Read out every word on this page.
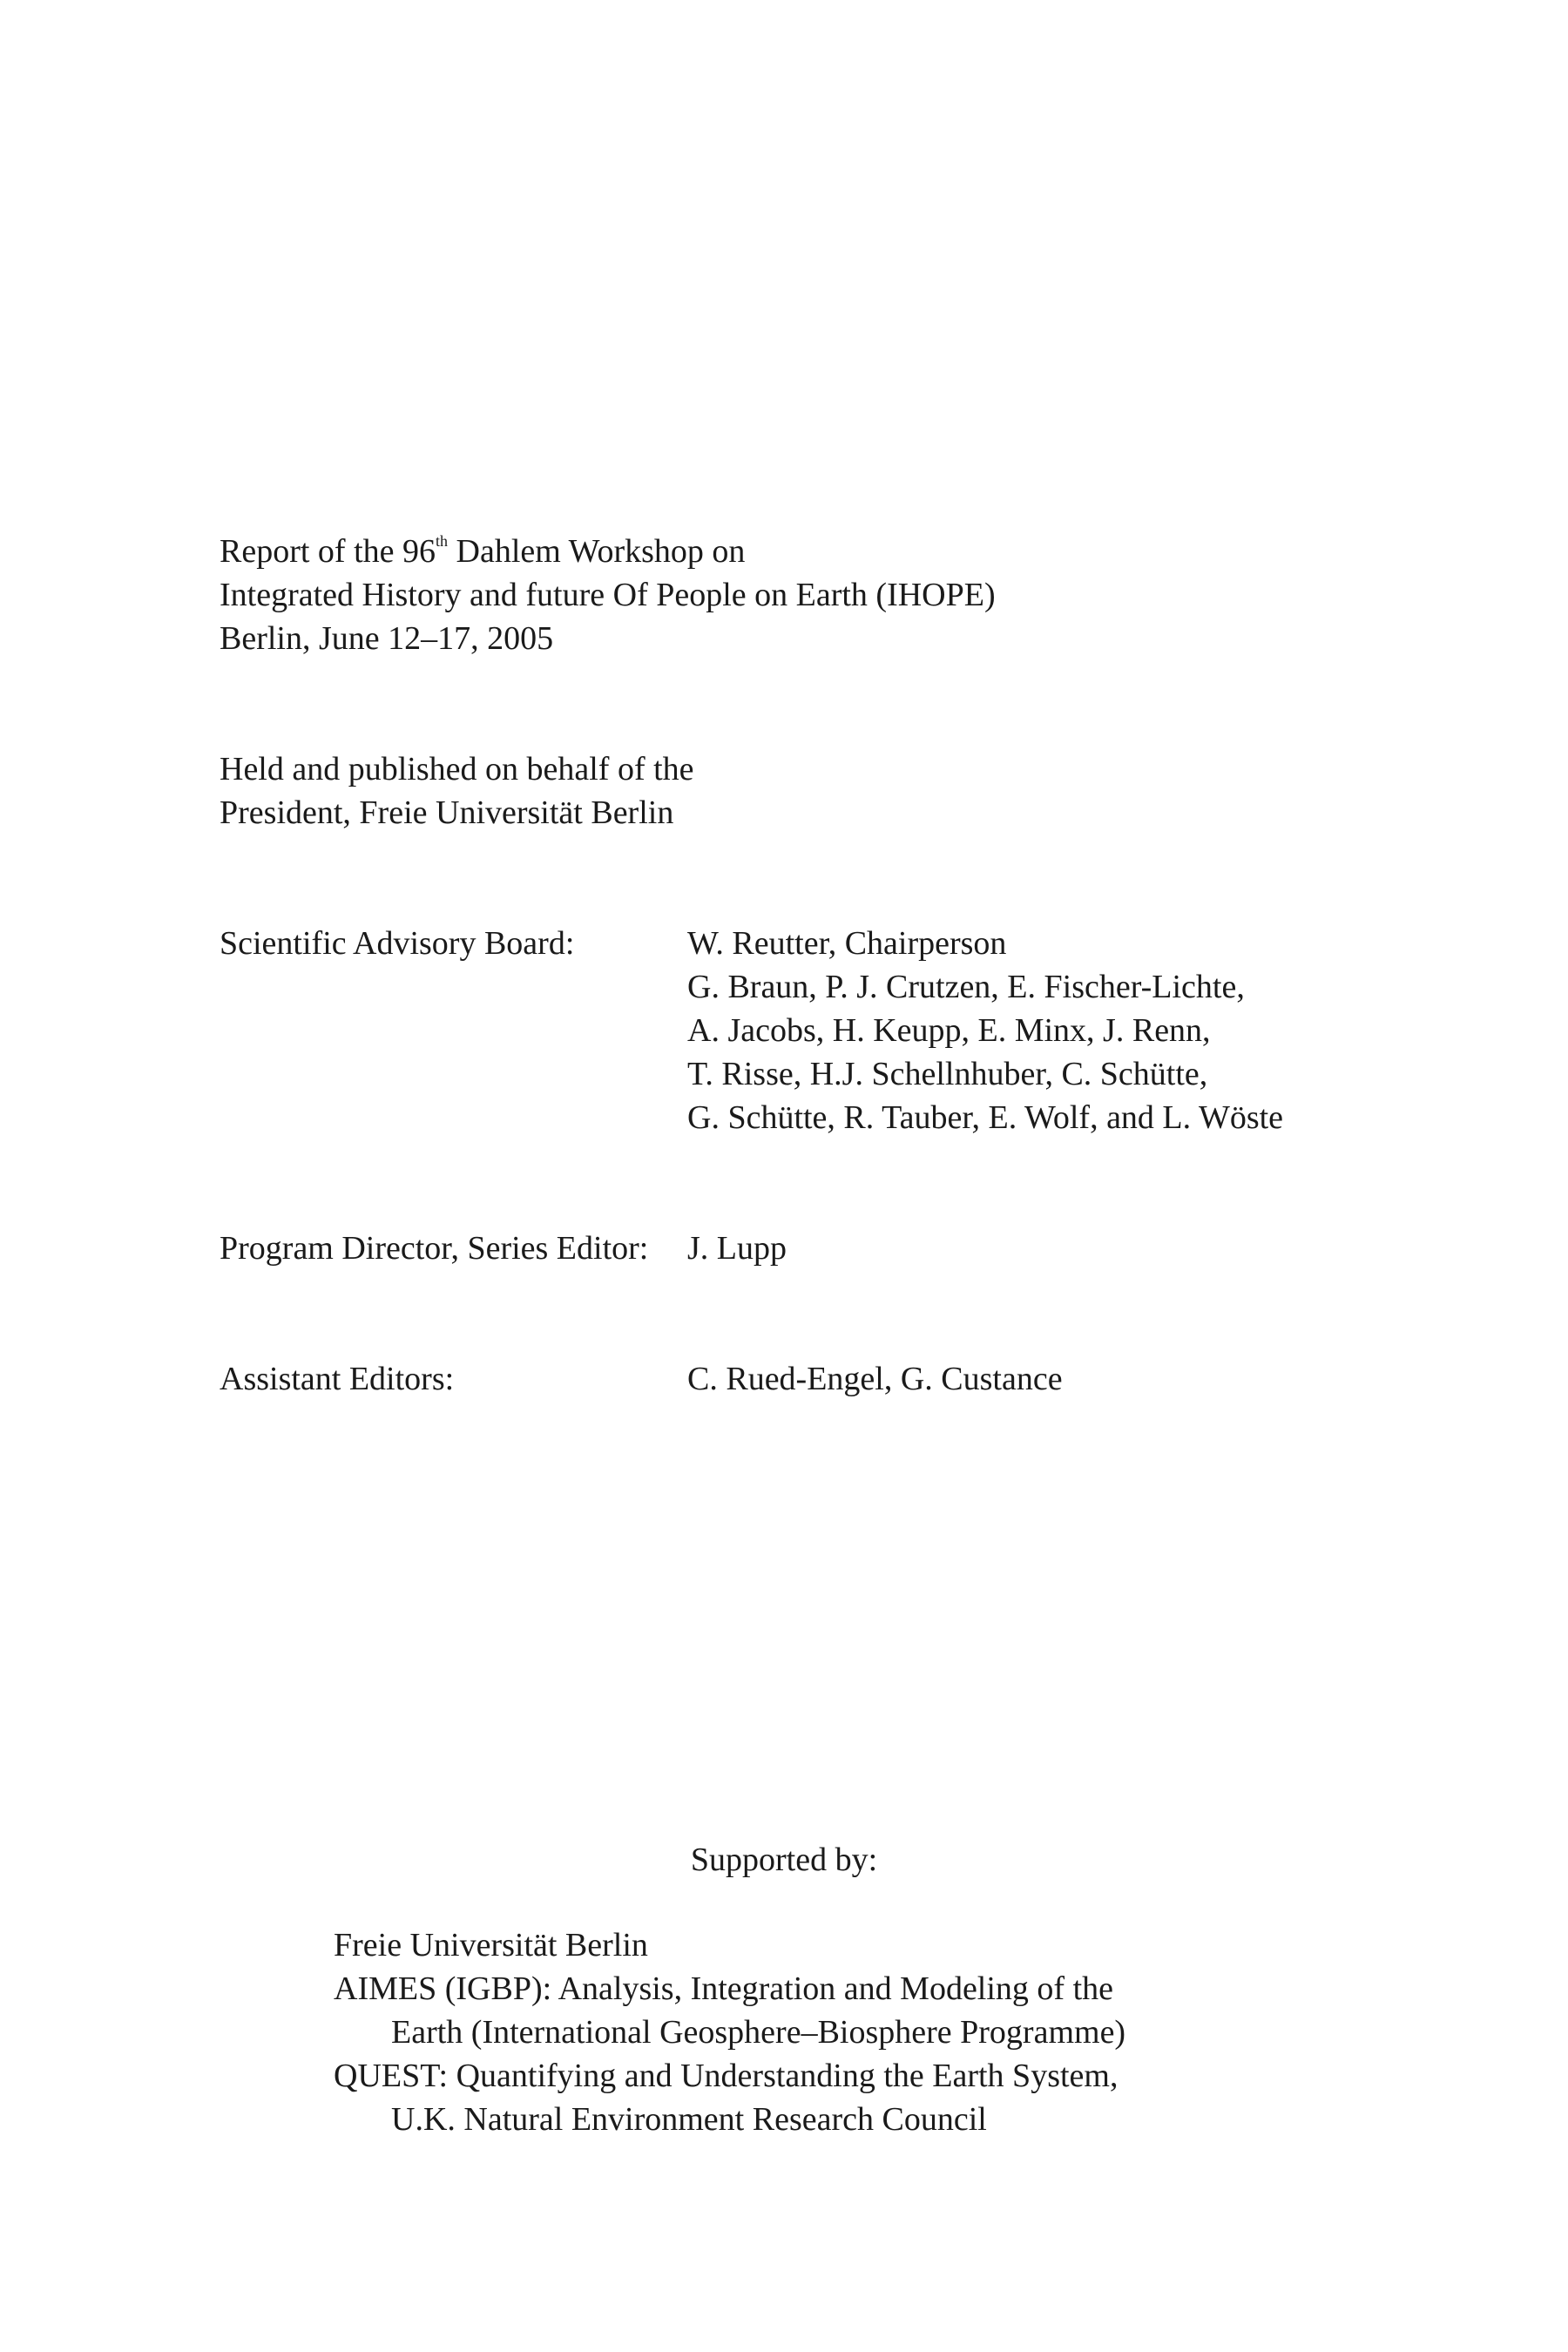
Report of the 96th Dahlem Workshop on
Integrated History and future Of People on Earth (IHOPE)
Berlin, June 12–17, 2005
Held and published on behalf of the
President, Freie Universität Berlin
Scientific Advisory Board:	W. Reutter, Chairperson
G. Braun, P. J. Crutzen, E. Fischer-Lichte,
A. Jacobs, H. Keupp, E. Minx, J. Renn,
T. Risse, H.J. Schellnhuber, C. Schütte,
G. Schütte, R. Tauber, E. Wolf, and L. Wöste
Program Director, Series Editor: J. Lupp
Assistant Editors:	C. Rued-Engel, G. Custance
Supported by:
Freie Universität Berlin
AIMES (IGBP): Analysis, Integration and Modeling of the
Earth (International Geosphere–Biosphere Programme)
QUEST: Quantifying and Understanding the Earth System,
U.K. Natural Environment Research Council
